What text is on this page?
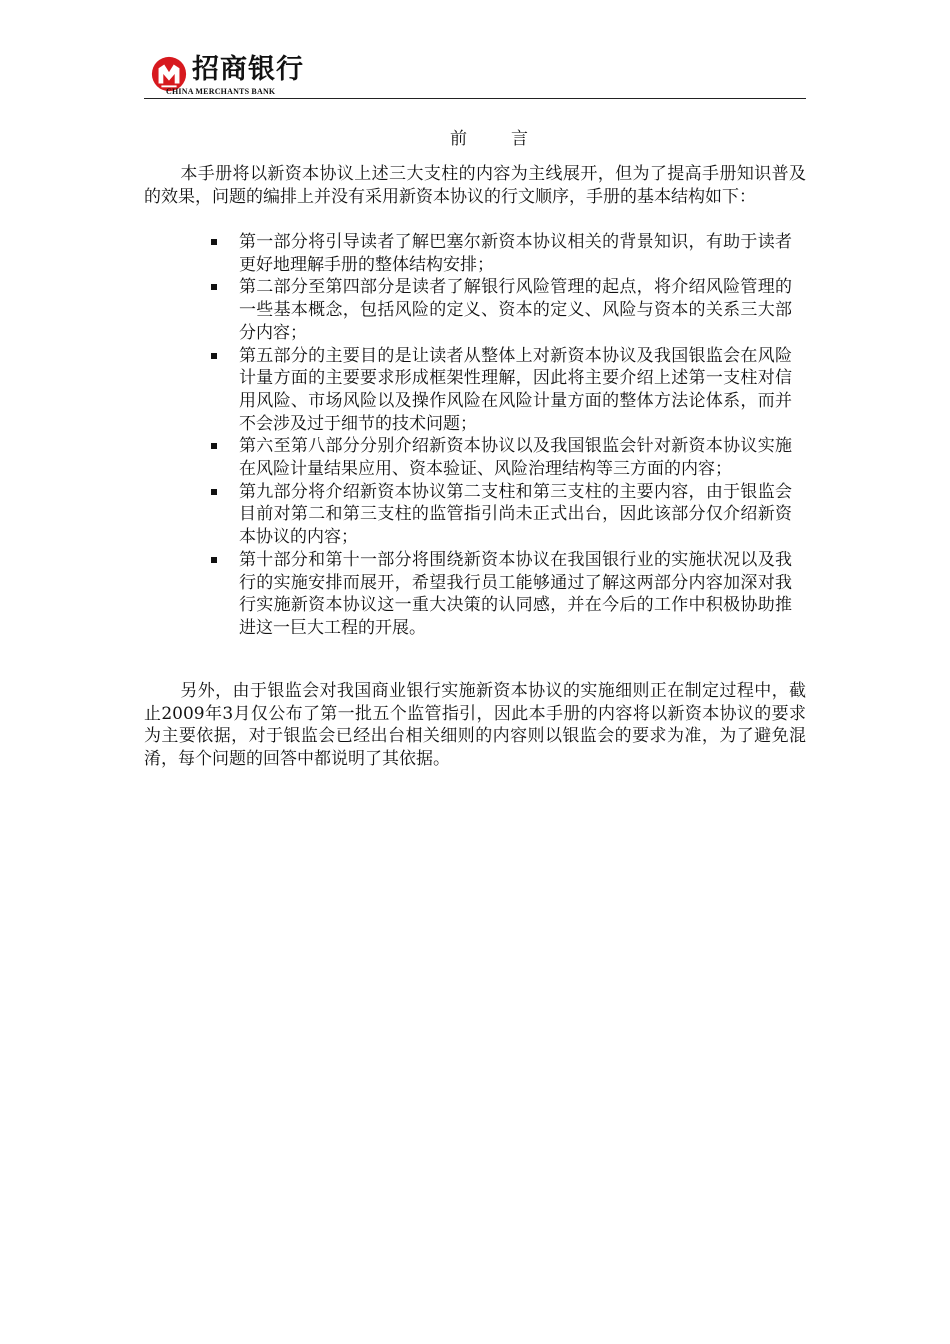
招商银行
CHINA MERCHANTS BANK
前	言

本手册将以新资本协议上述三大支柱的内容为主线展开，但为了提高手册知识普及的效果，问题的编排上并没有采用新资本协议的行文顺序，手册的基本结构如下：

第一部分将引导读者了解巴塞尔新资本协议相关的背景知识，有助于读者更好地理解手册的整体结构安排；
第二部分至第四部分是读者了解银行风险管理的起点，将介绍风险管理的一些基本概念，包括风险的定义、资本的定义、风险与资本的关系三大部分内容；
第五部分的主要目的是让读者从整体上对新资本协议及我国银监会在风险计量方面的主要要求形成框架性理解，因此将主要介绍上述第一支柱对信用风险、市场风险以及操作风险在风险计量方面的整体方法论体系，而并不会涉及过于细节的技术问题；
第六至第八部分分别介绍新资本协议以及我国银监会针对新资本协议实施在风险计量结果应用、资本验证、风险治理结构等三方面的内容；
第九部分将介绍新资本协议第二支柱和第三支柱的主要内容，由于银监会目前对第二和第三支柱的监管指引尚未正式出台，因此该部分仅介绍新资本协议的内容；
第十部分和第十一部分将围绕新资本协议在我国银行业的实施状况以及我行的实施安排而展开，希望我行员工能够通过了解这两部分内容加深对我行实施新资本协议这一重大决策的认同感，并在今后的工作中积极协助推进这一巨大工程的开展。

另外，由于银监会对我国商业银行实施新资本协议的实施细则正在制定过程中，截止2009年3月仅公布了第一批五个监管指引，因此本手册的内容将以新资本协议的要求为主要依据，对于银监会已经出台相关细则的内容则以银监会的要求为准，为了避免混淆，每个问题的回答中都说明了其依据。
